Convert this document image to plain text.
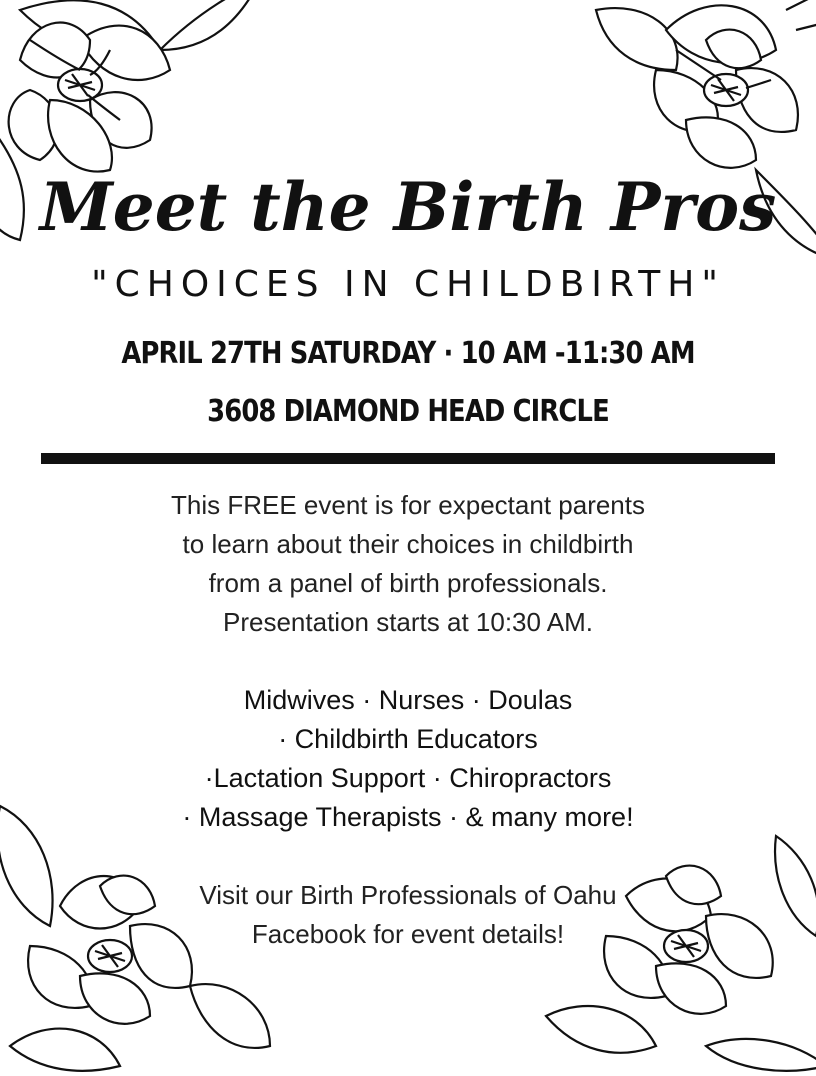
Meet the Birth Pros
"CHOICES IN CHILDBIRTH"
APRIL 27TH SATURDAY · 10 AM -11:30 AM
3608 DIAMOND HEAD CIRCLE
This FREE event is for expectant parents
to learn about their choices in childbirth
from a panel of birth professionals.
Presentation starts at 10:30 AM.
Midwives · Nurses · Doulas
· Childbirth Educators
·Lactation Support · Chiropractors
· Massage Therapists · & many more!
Visit our Birth Professionals of Oahu
Facebook for event details!
